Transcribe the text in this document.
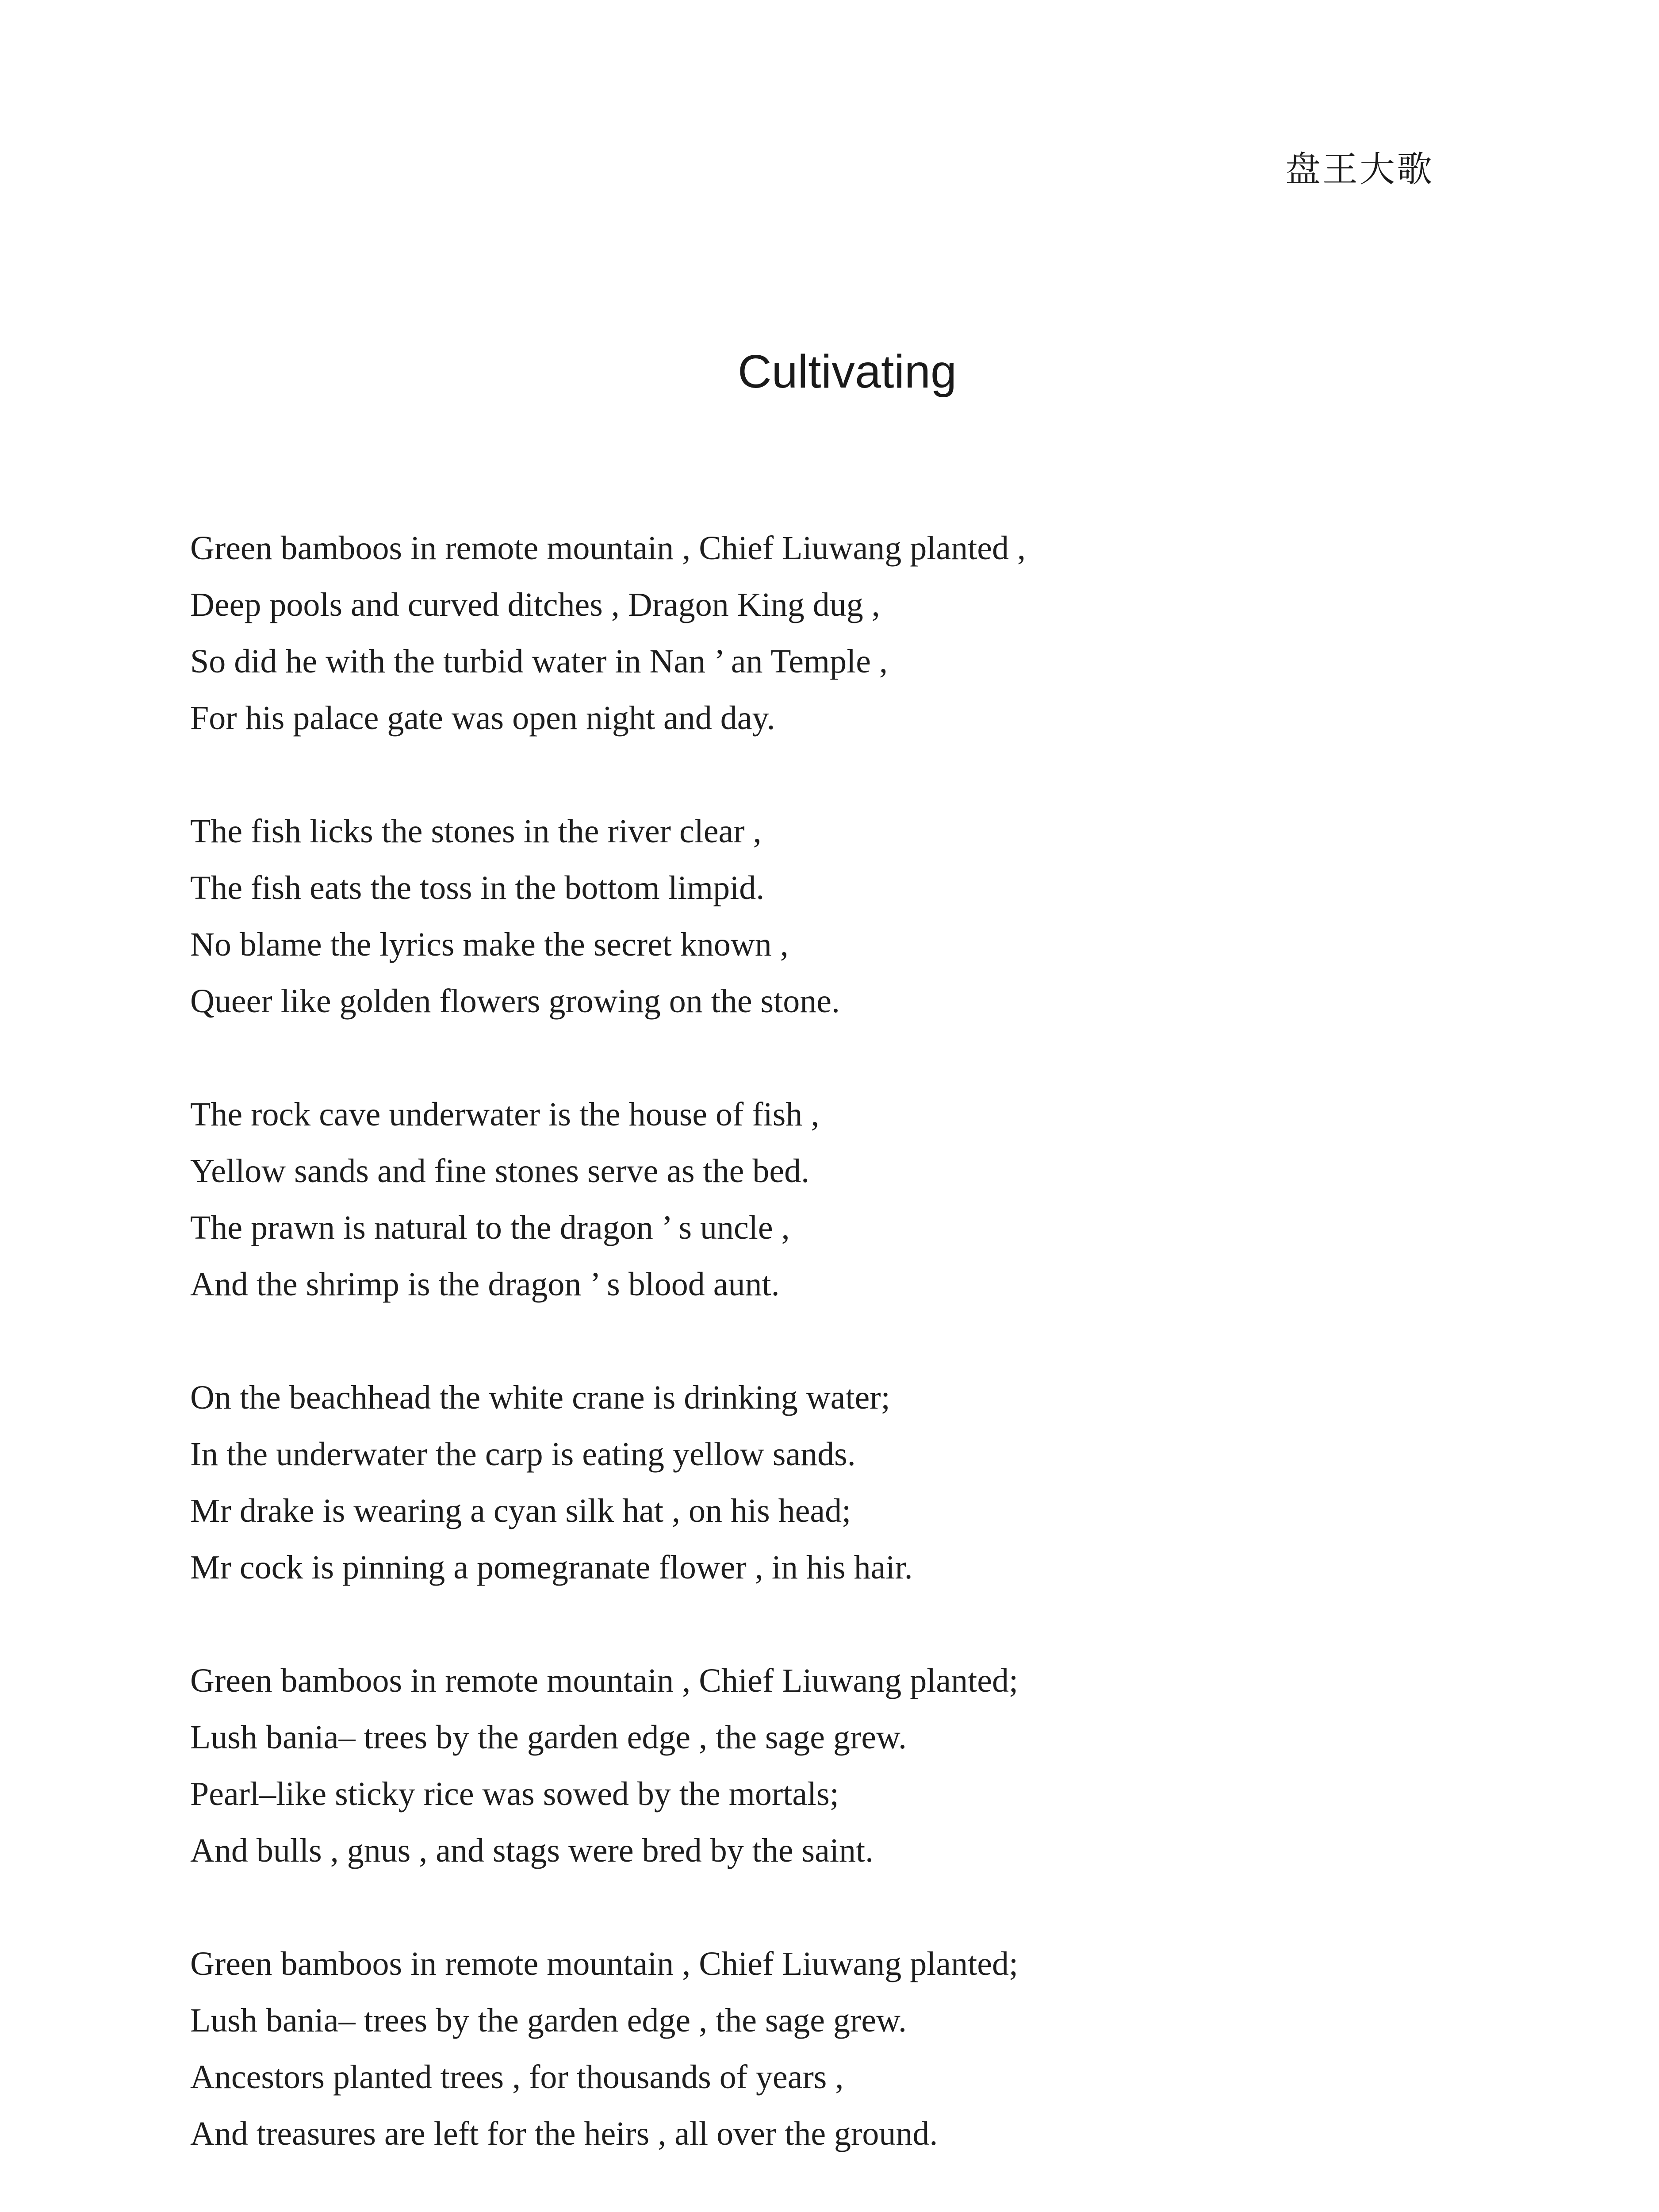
盘王大歌
Cultivating
Green bamboos in remote mountain , Chief Liuwang planted ,
Deep pools and curved ditches , Dragon King dug ,
So did he with the turbid water in Nan ’ an Temple ,
For his palace gate was open night and day.
The fish licks the stones in the river clear ,
The fish eats the toss in the bottom limpid.
No blame the lyrics make the secret known ,
Queer like golden flowers growing on the stone.
The rock cave underwater is the house of fish ,
Yellow sands and fine stones serve as the bed.
The prawn is natural to the dragon ’ s uncle ,
And the shrimp is the dragon ’ s blood aunt.
On the beachhead the white crane is drinking water;
In the underwater the carp is eating yellow sands.
Mr drake is wearing a cyan silk hat , on his head;
Mr cock is pinning a pomegranate flower , in his hair.
Green bamboos in remote mountain , Chief Liuwang planted;
Lush bania– trees by the garden edge , the sage grew.
Pearl–like sticky rice was sowed by the mortals;
And bulls , gnus , and stags were bred by the saint.
Green bamboos in remote mountain , Chief Liuwang planted;
Lush bania– trees by the garden edge , the sage grew.
Ancestors planted trees , for thousands of years ,
And treasures are left for the heirs , all over the ground.
